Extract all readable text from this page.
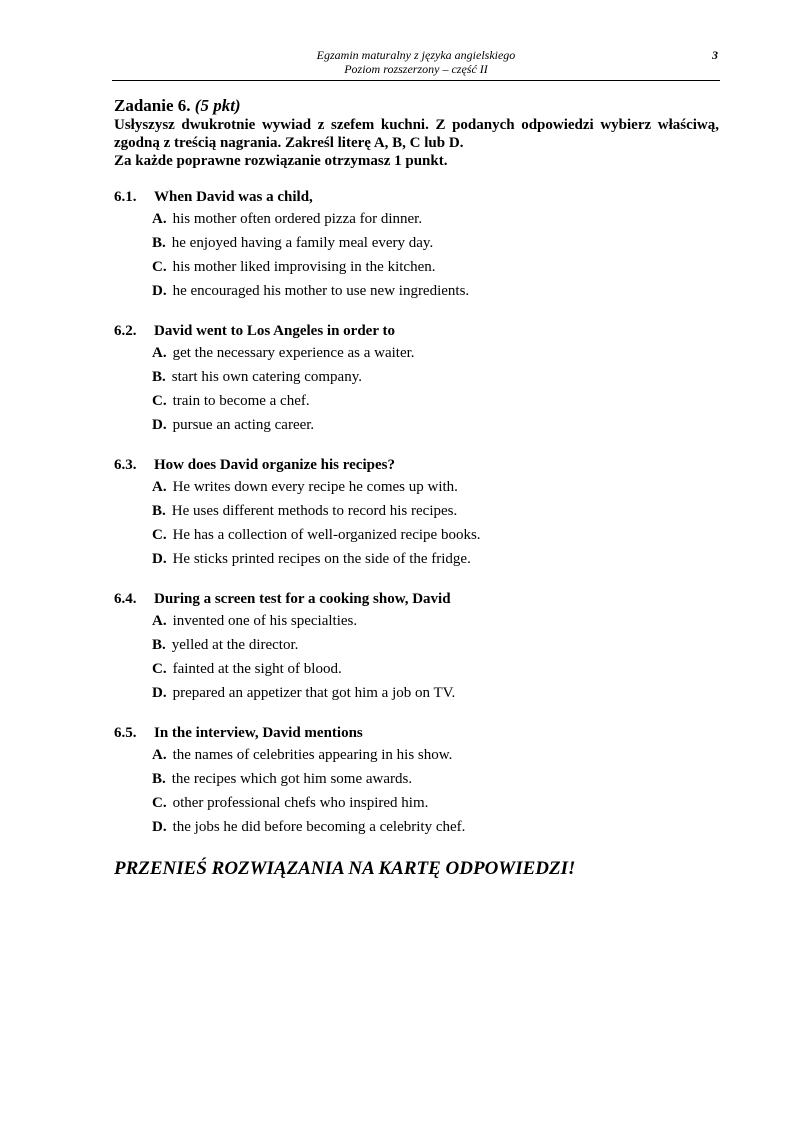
Egzamin maturalny z języka angielskiego
Poziom rozszerzony – część II
3

Zadanie 6. (5 pkt)

Usłyszysz dwukrotnie wywiad z szefem kuchni. Z podanych odpowiedzi wybierz właściwą, zgodną z treścią nagrania. Zakreśl literę A, B, C lub D.

Za każde poprawne rozwiązanie otrzymasz 1 punkt.

6.1.	When David was a child,
A. his mother often ordered pizza for dinner.
B. he enjoyed having a family meal every day.
C. his mother liked improvising in the kitchen.
D. he encouraged his mother to use new ingredients.
6.2.	David went to Los Angeles in order to
A. get the necessary experience as a waiter.
B. start his own catering company.
C. train to become a chef.
D. pursue an acting career.
6.3.	How does David organize his recipes?
A. He writes down every recipe he comes up with.
B. He uses different methods to record his recipes.
C. He has a collection of well-organized recipe books.
D. He sticks printed recipes on the side of the fridge.
6.4.	During a screen test for a cooking show, David
A. invented one of his specialties.
B. yelled at the director.
C. fainted at the sight of blood.
D. prepared an appetizer that got him a job on TV.
6.5.	In the interview, David mentions
A. the names of celebrities appearing in his show.
B. the recipes which got him some awards.
C. other professional chefs who inspired him.
D. the jobs he did before becoming a celebrity chef.
PRZENIEŚ ROZWIĄZANIA NA KARTĘ ODPOWIEDZI!
